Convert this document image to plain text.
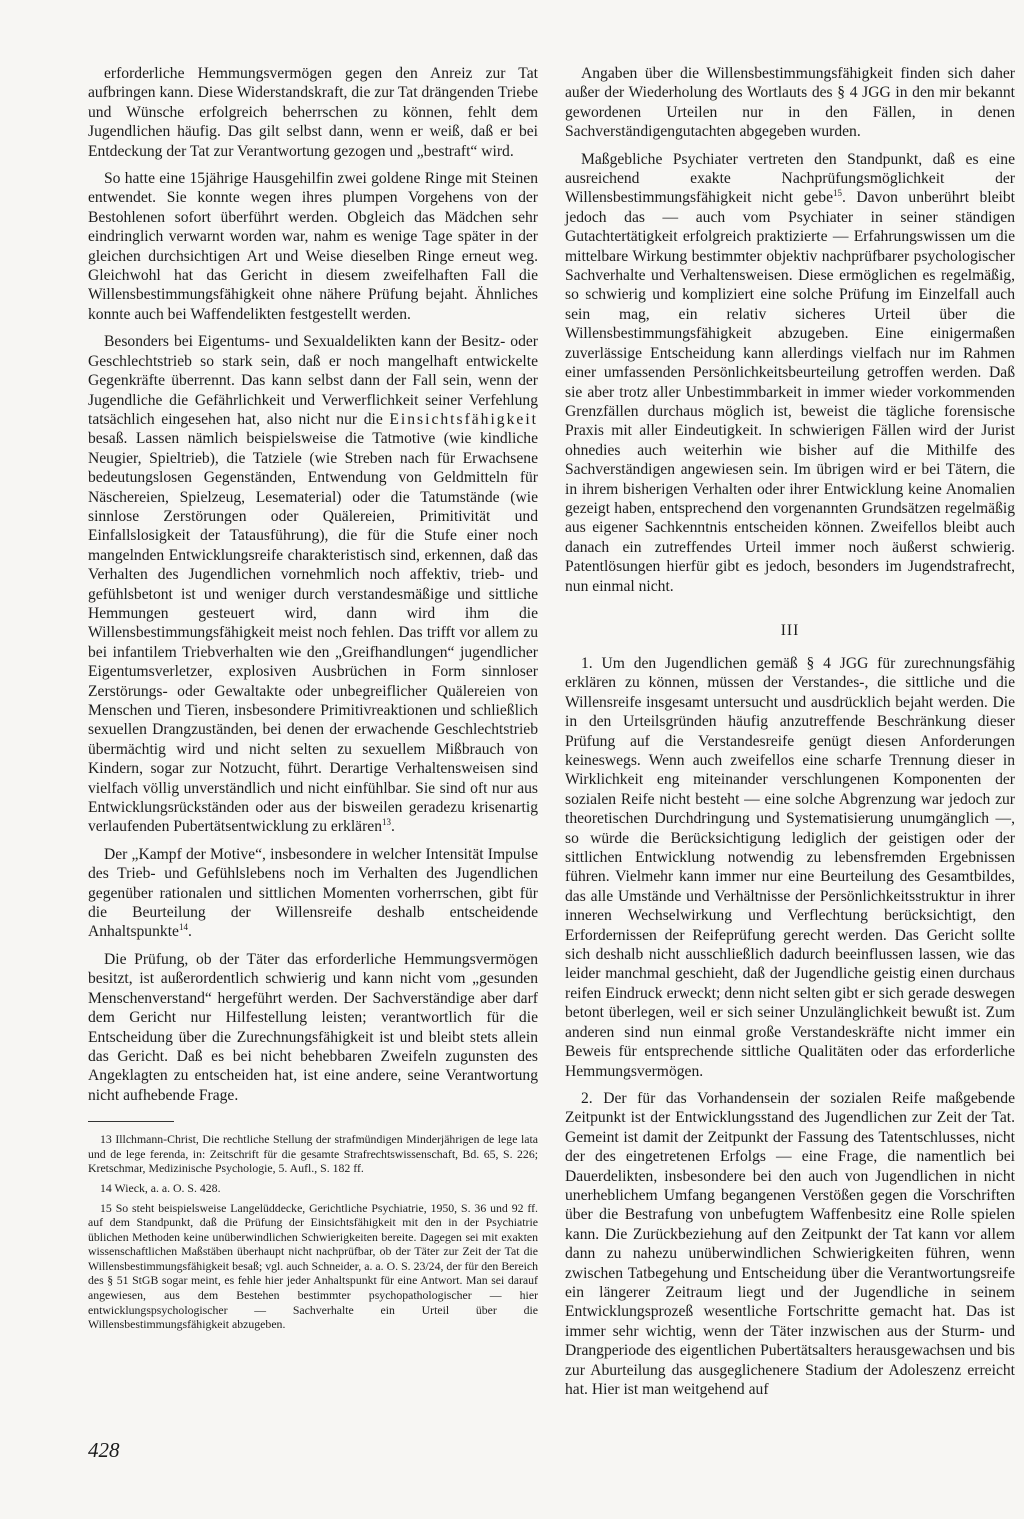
erforderliche Hemmungsvermögen gegen den Anreiz zur Tat aufbringen kann. Diese Widerstandskraft, die zur Tat drängenden Triebe und Wünsche erfolgreich beherrschen zu können, fehlt dem Jugendlichen häufig. Das gilt selbst dann, wenn er weiß, daß er bei Entdeckung der Tat zur Verantwortung gezogen und „bestraft“ wird.

So hatte eine 15jährige Hausgehilfin zwei goldene Ringe mit Steinen entwendet. Sie konnte wegen ihres plumpen Vorgehens von der Bestohlenen sofort überführt werden. Obgleich das Mädchen sehr eindringlich verwarnt worden war, nahm es wenige Tage später in der gleichen durchsichtigen Art und Weise dieselben Ringe erneut weg. Gleichwohl hat das Gericht in diesem zweifelhaften Fall die Willensbestimmungsfähigkeit ohne nähere Prüfung bejaht. Ähnliches konnte auch bei Waffendelikten festgestellt werden.

Besonders bei Eigentums- und Sexualdelikten kann der Besitz- oder Geschlechtstrieb so stark sein, daß er noch mangelhaft entwickelte Gegenkräfte überrennt. Das kann selbst dann der Fall sein, wenn der Jugendliche die Gefährlichkeit und Verwerflichkeit seiner Verfehlung tatsächlich eingesehen hat, also nicht nur die Einsichtsfähigkeit besaß. Lassen nämlich beispielsweise die Tatmotive (wie kindliche Neugier, Spieltrieb), die Tatziele (wie Streben nach für Erwachsene bedeutungslosen Gegenständen, Entwendung von Geldmitteln für Näschereien, Spielzeug, Lesematerial) oder die Tatumstände (wie sinnlose Zerstörungen oder Quälereien, Primitivität und Einfallslosigkeit der Tatausführung), die für die Stufe einer noch mangelnden Entwicklungsreife charakteristisch sind, erkennen, daß das Verhalten des Jugendlichen vornehmlich noch affektiv, trieb- und gefühlsbetont ist und weniger durch verstandesmäßige und sittliche Hemmungen gesteuert wird, dann wird ihm die Willensbestimmungsfähigkeit meist noch fehlen. Das trifft vor allem zu bei infantilem Triebverhalten wie den „Greifhandlungen“ jugendlicher Eigentumsverletzer, explosiven Ausbrüchen in Form sinnloser Zerstörungs- oder Gewaltakte oder unbegreiflicher Quälereien von Menschen und Tieren, insbesondere Primitivreaktionen und schließlich sexuellen Drangzuständen, bei denen der erwachende Geschlechtstrieb übermächtig wird und nicht selten zu sexuellem Mißbrauch von Kindern, sogar zur Notzucht, führt. Derartige Verhaltensweisen sind vielfach völlig unverständlich und nicht einfühlbar. Sie sind oft nur aus Entwicklungsrückständen oder aus der bisweilen geradezu krisenartig verlaufenden Pubertätsentwicklung zu erklären$^{13}$.

Der „Kampf der Motive“, insbesondere in welcher Intensität Impulse des Trieb- und Gefühlslebens noch im Verhalten des Jugendlichen gegenüber rationalen und sittlichen Momenten vorherrschen, gibt für die Beurteilung der Willensreife deshalb entscheidende Anhaltspunkte$^{14}$.

Die Prüfung, ob der Täter das erforderliche Hemmungsvermögen besitzt, ist außerordentlich schwierig und kann nicht vom „gesunden Menschenverstand“ hergeführt werden. Der Sachverständige aber darf dem Gericht nur Hilfestellung leisten; verantwortlich für die Entscheidung über die Zurechnungsfähigkeit ist und bleibt stets allein das Gericht. Daß es bei nicht behebbaren Zweifeln zugunsten des Angeklagten zu entscheiden hat, ist eine andere, seine Verantwortung nicht aufhebende Frage.

13 Illchmann-Christ, Die rechtliche Stellung der strafmündigen Minderjährigen de lege lata und de lege ferenda, in: Zeitschrift für die gesamte Strafrechtswissenschaft, Bd. 65, S. 226; Kretschmar, Medizinische Psychologie, 5. Aufl., S. 182 ff.

14 Wieck, a. a. O. S. 428.

15 So steht beispielsweise Langelüddecke, Gerichtliche Psychiatrie, 1950, S. 36 und 92 ff. auf dem Standpunkt, daß die Prüfung der Einsichtsfähigkeit mit den in der Psychiatrie üblichen Methoden keine unüberwindlichen Schwierigkeiten bereite. Dagegen sei mit exakten wissenschaftlichen Maßstäben überhaupt nicht nachprüfbar, ob der Täter zur Zeit der Tat die Willensbestimmungsfähigkeit besaß; vgl. auch Schneider, a. a. O. S. 23/24, der für den Bereich des § 51 StGB sogar meint, es fehle hier jeder Anhaltspunkt für eine Antwort. Man sei darauf angewiesen, aus dem Bestehen bestimmter psychopathologischer — hier entwicklungspsychologischer — Sachverhalte ein Urteil über die Willensbestimmungsfähigkeit abzugeben.

Angaben über die Willensbestimmungsfähigkeit finden sich daher außer der Wiederholung des Wortlauts des § 4 JGG in den mir bekannt gewordenen Urteilen nur in den Fällen, in denen Sachverständigengutachten abgegeben wurden.

Maßgebliche Psychiater vertreten den Standpunkt, daß es eine ausreichend exakte Nachprüfungsmöglichkeit der Willensbestimmungsfähigkeit nicht gebe$^{15}$. Davon unberührt bleibt jedoch das — auch vom Psychiater in seiner ständigen Gutachtertätigkeit erfolgreich praktizierte — Erfahrungswissen um die mittelbare Wirkung bestimmter objektiv nachprüfbarer psychologischer Sachverhalte und Verhaltensweisen. Diese ermöglichen es regelmäßig, so schwierig und kompliziert eine solche Prüfung im Einzelfall auch sein mag, ein relativ sicheres Urteil über die Willensbestimmungsfähigkeit abzugeben. Eine einigermaßen zuverlässige Entscheidung kann allerdings vielfach nur im Rahmen einer umfassenden Persönlichkeitsbeurteilung getroffen werden. Daß sie aber trotz aller Unbestimmbarkeit in immer wieder vorkommenden Grenzfällen durchaus möglich ist, beweist die tägliche forensische Praxis mit aller Eindeutigkeit. In schwierigen Fällen wird der Jurist ohnedies auch weiterhin wie bisher auf die Mithilfe des Sachverständigen angewiesen sein. Im übrigen wird er bei Tätern, die in ihrem bisherigen Verhalten oder ihrer Entwicklung keine Anomalien gezeigt haben, entsprechend den vorgenannten Grundsätzen regelmäßig aus eigener Sachkenntnis entscheiden können. Zweifellos bleibt auch danach ein zutreffendes Urteil immer noch äußerst schwierig. Patentlösungen hierfür gibt es jedoch, besonders im Jugendstrafrecht, nun einmal nicht.

III

1. Um den Jugendlichen gemäß § 4 JGG für zurechnungsfähig erklären zu können, müssen der Verstandes-, die sittliche und die Willensreife insgesamt untersucht und ausdrücklich bejaht werden. Die in den Urteilsgründen häufig anzutreffende Beschränkung dieser Prüfung auf die Verstandesreife genügt diesen Anforderungen keineswegs. Wenn auch zweifellos eine scharfe Trennung dieser in Wirklichkeit eng miteinander verschlungenen Komponenten der sozialen Reife nicht besteht — eine solche Abgrenzung war jedoch zur theoretischen Durchdringung und Systematisierung unumgänglich —, so würde die Berücksichtigung lediglich der geistigen oder der sittlichen Entwicklung notwendig zu lebensfremden Ergebnissen führen. Vielmehr kann immer nur eine Beurteilung des Gesamtbildes, das alle Umstände und Verhältnisse der Persönlichkeitsstruktur in ihrer inneren Wechselwirkung und Verflechtung berücksichtigt, den Erfordernissen der Reifeprüfung gerecht werden. Das Gericht sollte sich deshalb nicht ausschließlich dadurch beeinflussen lassen, wie das leider manchmal geschieht, daß der Jugendliche geistig einen durchaus reifen Eindruck erweckt; denn nicht selten gibt er sich gerade deswegen betont überlegen, weil er sich seiner Unzulänglichkeit bewußt ist. Zum anderen sind nun einmal große Verstandeskräfte nicht immer ein Beweis für entsprechende sittliche Qualitäten oder das erforderliche Hemmungsvermögen.

2. Der für das Vorhandensein der sozialen Reife maßgebende Zeitpunkt ist der Entwicklungsstand des Jugendlichen zur Zeit der Tat. Gemeint ist damit der Zeitpunkt der Fassung des Tatentschlusses, nicht der des eingetretenen Erfolgs — eine Frage, die namentlich bei Dauerdelikten, insbesondere bei den auch von Jugendlichen in nicht unerheblichem Umfang begangenen Verstößen gegen die Vorschriften über die Bestrafung von unbefugtem Waffenbesitz eine Rolle spielen kann. Die Zurückbeziehung auf den Zeitpunkt der Tat kann vor allem dann zu nahezu unüberwindlichen Schwierigkeiten führen, wenn zwischen Tatbegehung und Entscheidung über die Verantwortungsreife ein längerer Zeitraum liegt und der Jugendliche in seinem Entwicklungsprozeß wesentliche Fortschritte gemacht hat. Das ist immer sehr wichtig, wenn der Täter inzwischen aus der Sturm- und Drangperiode des eigentlichen Pubertätsalters herausgewachsen und bis zur Aburteilung das ausgeglichenere Stadium der Adoleszenz erreicht hat. Hier ist man weitgehend auf

428
